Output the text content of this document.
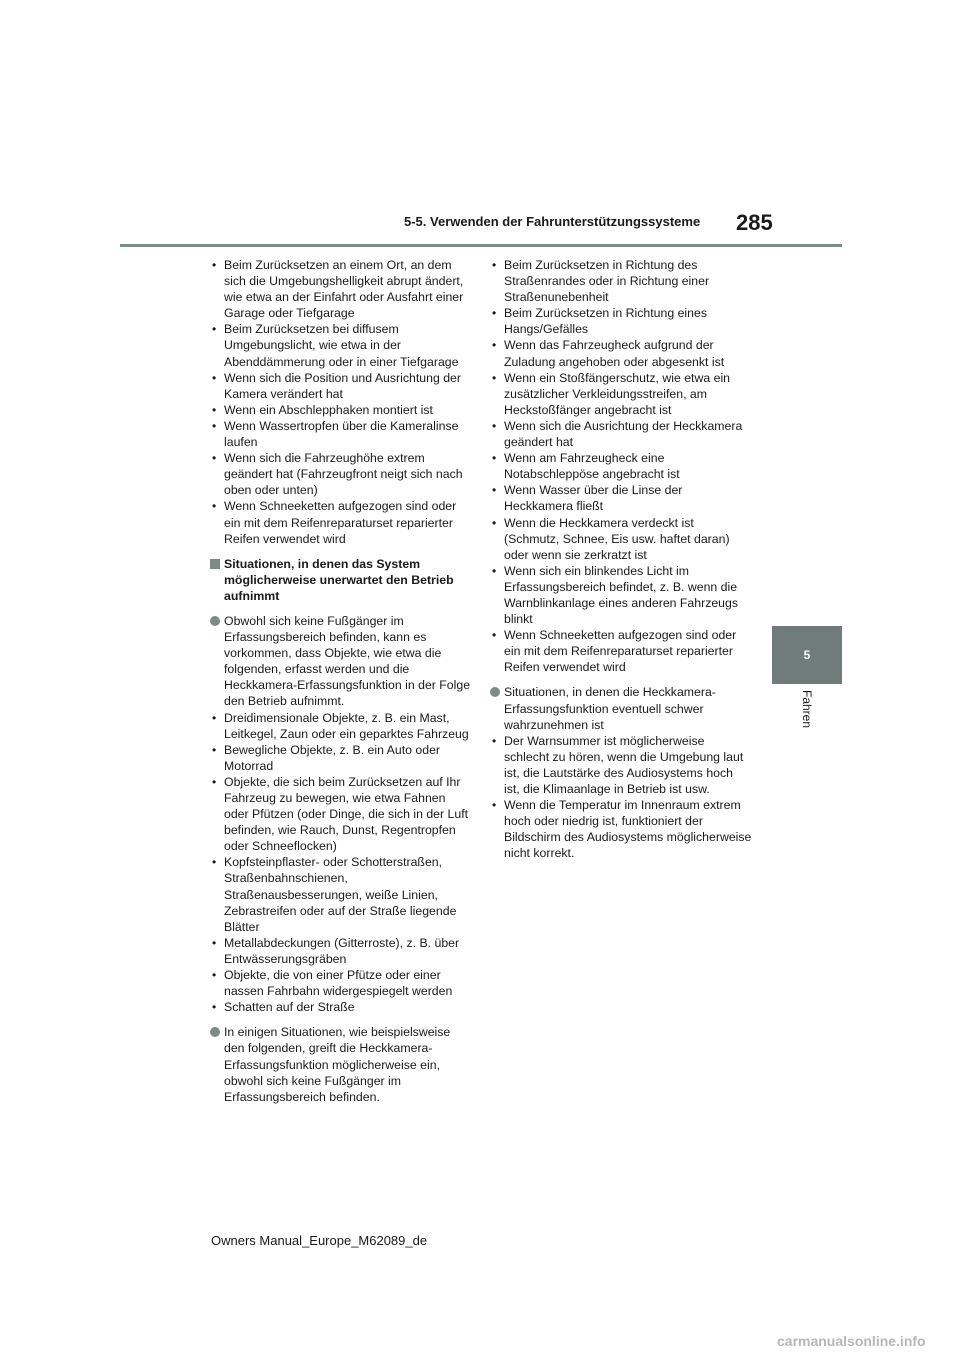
5-5. Verwenden der Fahrunterstützungssysteme 285
5
Fahren
• Beim Zurücksetzen an einem Ort, an dem sich die Umgebungshelligkeit abrupt ändert, wie etwa an der Einfahrt oder Ausfahrt einer Garage oder Tiefgarage
• Beim Zurücksetzen bei diffusem Umgebungslicht, wie etwa in der Abenddämmerung oder in einer Tiefgarage
• Wenn sich die Position und Ausrichtung der Kamera verändert hat
• Wenn ein Abschlepphaken montiert ist
• Wenn Wassertropfen über die Kameralinse laufen
• Wenn sich die Fahrzeughöhe extrem geändert hat (Fahrzeugfront neigt sich nach oben oder unten)
• Wenn Schneeketten aufgezogen sind oder ein mit dem Reifenreparaturset reparierter Reifen verwendet wird
Situationen, in denen das System möglicherweise unerwartet den Betrieb aufnimmt
Obwohl sich keine Fußgänger im Erfassungsbereich befinden, kann es vorkommen, dass Objekte, wie etwa die folgenden, erfasst werden und die Heckkamera-Erfassungsfunktion in der Folge den Betrieb aufnimmt.
• Dreidimensionale Objekte, z. B. ein Mast, Leitkegel, Zaun oder ein geparktes Fahrzeug
• Bewegliche Objekte, z. B. ein Auto oder Motorrad
• Objekte, die sich beim Zurücksetzen auf Ihr Fahrzeug zu bewegen, wie etwa Fahnen oder Pfützen (oder Dinge, die sich in der Luft befinden, wie Rauch, Dunst, Regentropfen oder Schneeflocken)
• Kopfsteinpflaster- oder Schotterstraßen, Straßenbahnschienen, Straßenausbesserungen, weiße Linien, Zebrastreifen oder auf der Straße liegende Blätter
• Metallabdeckungen (Gitterroste), z. B. über Entwässerungsgräben
• Objekte, die von einer Pfütze oder einer nassen Fahrbahn widergespiegelt werden
• Schatten auf der Straße
In einigen Situationen, wie beispielsweise den folgenden, greift die Heckkamera-Erfassungsfunktion möglicherweise ein, obwohl sich keine Fußgänger im Erfassungsbereich befinden.
• Beim Zurücksetzen in Richtung des Straßenrandes oder in Richtung einer Straßenunebenheit
• Beim Zurücksetzen in Richtung eines Hangs/Gefälles
• Wenn das Fahrzeugheck aufgrund der Zuladung angehoben oder abgesenkt ist
• Wenn ein Stoßfängerschutz, wie etwa ein zusätzlicher Verkleidungsstreifen, am Heckstoßfänger angebracht ist
• Wenn sich die Ausrichtung der Heckkamera geändert hat
• Wenn am Fahrzeugheck eine Notabschleppöse angebracht ist
• Wenn Wasser über die Linse der Heckkamera fließt
• Wenn die Heckkamera verdeckt ist (Schmutz, Schnee, Eis usw. haftet daran) oder wenn sie zerkratzt ist
• Wenn sich ein blinkendes Licht im Erfassungsbereich befindet, z. B. wenn die Warnblinkanlage eines anderen Fahrzeugs blinkt
• Wenn Schneeketten aufgezogen sind oder ein mit dem Reifenreparaturset reparierter Reifen verwendet wird
Situationen, in denen die Heckkamera-Erfassungsfunktion eventuell schwer wahrzunehmen ist
• Der Warnsummer ist möglicherweise schlecht zu hören, wenn die Umgebung laut ist, die Lautstärke des Audiosystems hoch ist, die Klimaanlage in Betrieb ist usw.
• Wenn die Temperatur im Innenraum extrem hoch oder niedrig ist, funktioniert der Bildschirm des Audiosystems möglicherweise nicht korrekt.
Owners Manual_Europe_M62089_de
carmanualsonline.info
